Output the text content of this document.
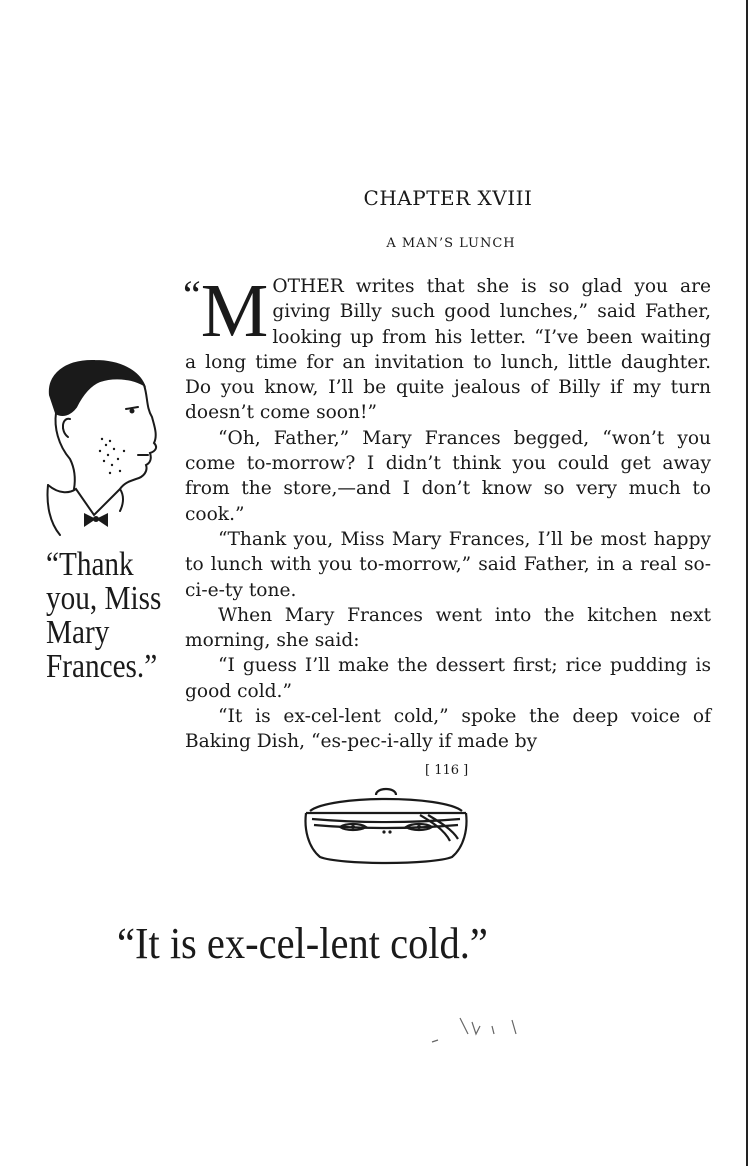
CHAPTER XVIII
A MAN’S LUNCH

“M OTHER writes that she is so glad you are giving Billy such good lunches,” said Father, looking up from his letter. “I’ve been waiting a long time for an invitation to lunch, little daughter. Do you know, I’ll be quite jealous of Billy if my turn doesn’t come soon!”

“Oh, Father,” Mary Frances begged, “won’t you come to-morrow? I didn’t think you could get away from the store,—and I don’t know so very much to cook.”

“Thank you, Miss Mary Frances, I’ll be most happy to lunch with you to-morrow,” said Father, in a real so-ci-e-ty tone.

When Mary Frances went into the kitchen next morning, she said:

“I guess I’ll make the dessert first; rice pudding is good cold.”

“It is ex-cel-lent cold,” spoke the deep voice of Baking Dish, “es-pec-i-ally if made by

[ 116 ]
“Thank
you, Miss
Mary
Frances.”
“It is ex-cel-lent cold.”
